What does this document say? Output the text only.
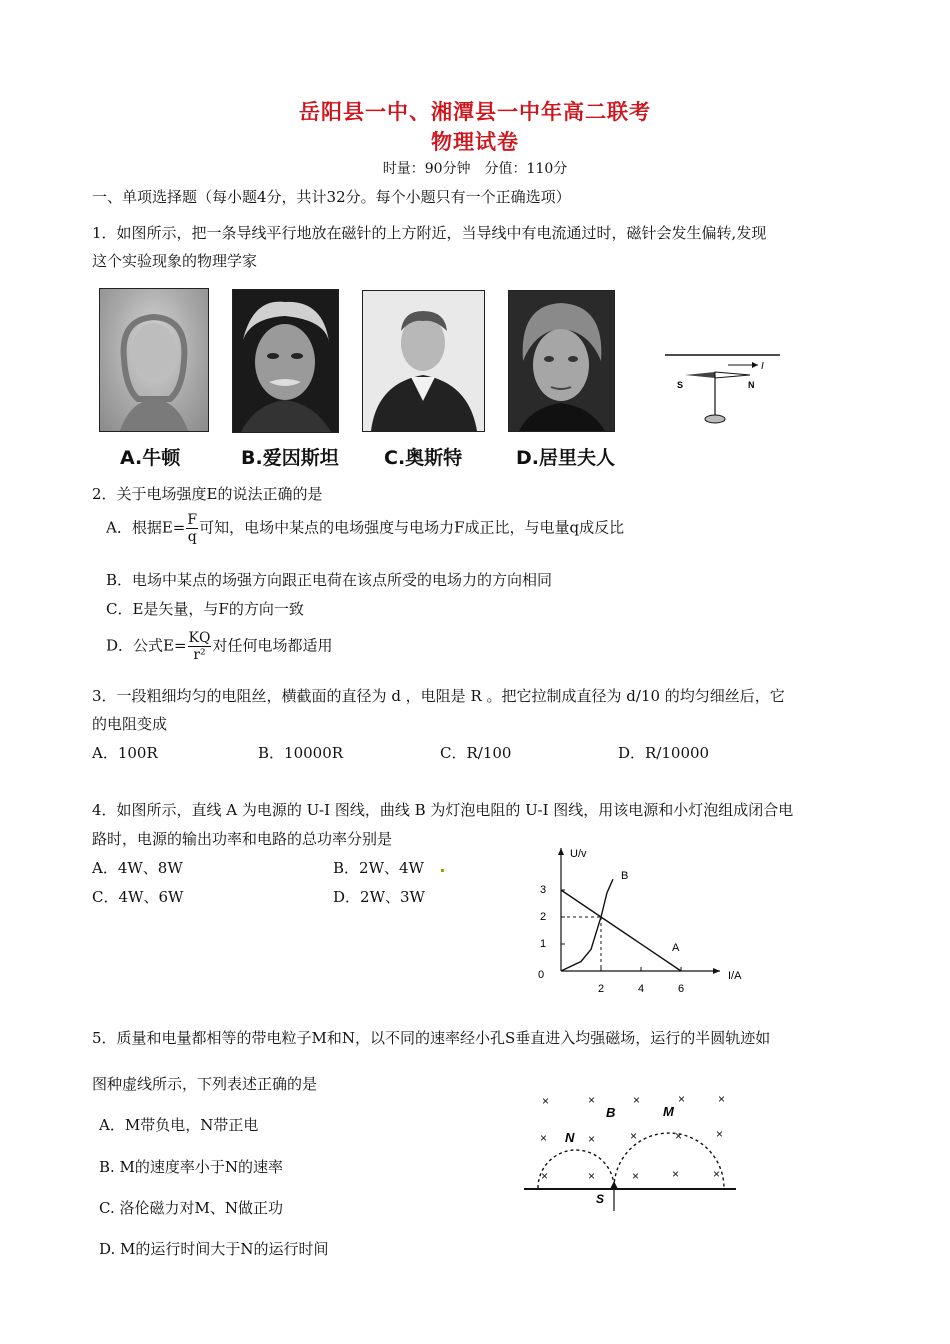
岳阳县一中、湘潭县一中年高二联考
物理试卷
时量：90分钟　分值：110分
一、单项选择题（每小题4分，共计32分。每个小题只有一个正确选项）
1．如图所示，把一条导线平行地放在磁针的上方附近，当导线中有电流通过时，磁针会发生偏转,发现
这个实验现象的物理学家
A.牛顿	B.爱因斯坦 C.奥斯特	D.居里夫人
I
S	N
2．关于电场强度E的说法正确的是
A．根据$E= \frac{F}{q}$ 可知，电场中某点的电场强度与电场力F成正比，与电量q成反比
B．电场中某点的场强方向跟正电荷在该点所受的电场力的方向相同
C．E是矢量，与F的方向一致
D．公式$E= \frac{KQ}{\text{r²}}$ 对任何电场都适用
3．一段粗细均匀的电阻丝，横截面的直径为 d ，电阻是 R 。把它拉制成直径为 d/10 的均匀细丝后，它
的电阻变成
A．100R	B．10000R	C．R/100	D．R/10000
4．如图所示，直线 A 为电源的 U-I 图线，曲线 B 为灯泡电阻的 U-I 图线，用该电源和小灯泡组成闭合电
路时，电源的输出功率和电路的总功率分别是
A．4W、8W	B．2W、4W
C．4W、6W	D．2W、3W
U/v
I/A
0
3
2
1
2	4	6
A
B
5．质量和电量都相等的带电粒子M和N，以不同的速率经小孔S垂直进入均强磁场，运行的半圆轨迹如
图种虚线所示，下列表述正确的是
A．M带负电，N带正电
B. M的速度率小于N的速率
C. 洛伦磁力对M、N做正功
D. M的运行时间大于N的运行时间
×	×	×	×	×
×	×	×	×	×
×	×	×	×	×
B	M
N
S
